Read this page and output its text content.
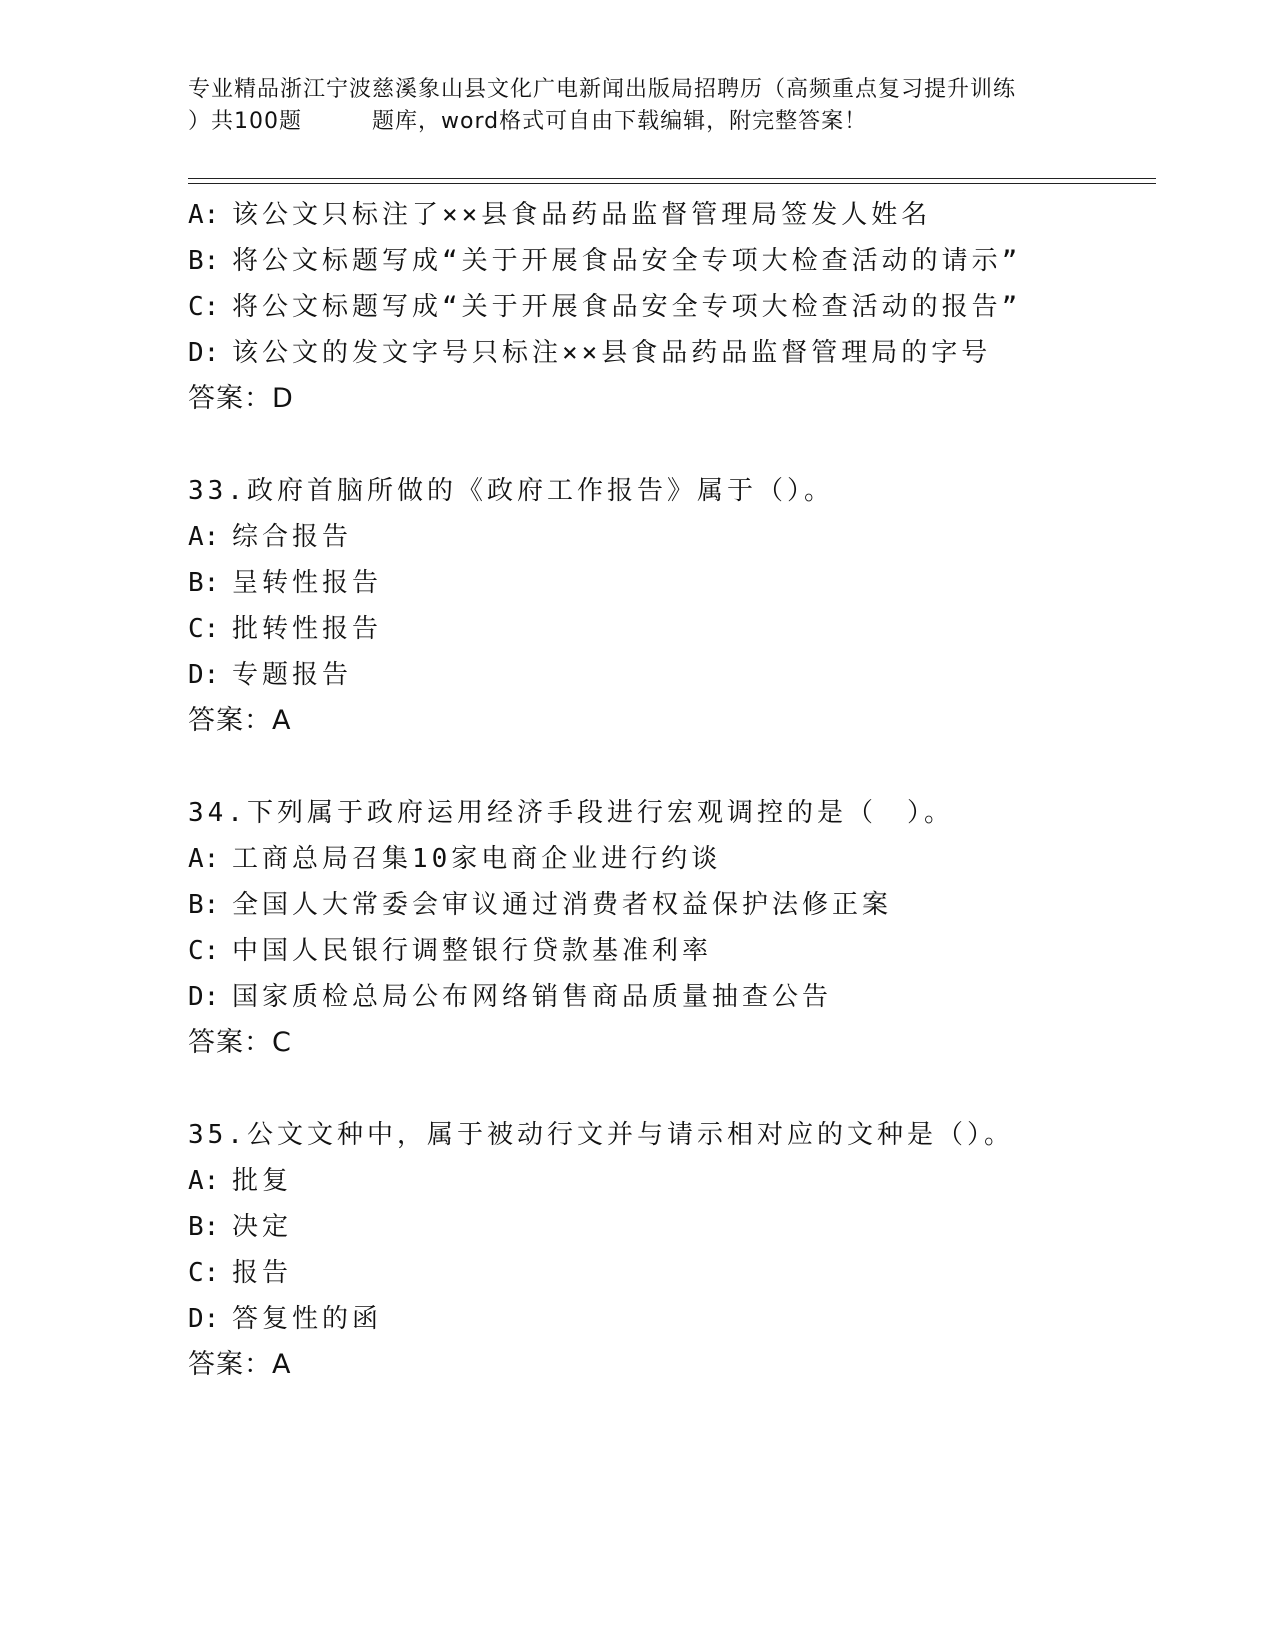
专业精品浙江宁波慈溪象山县文化广电新闻出版局招聘历（高频重点复习提升训练
）共100题	题库，word格式可自由下载编辑，附完整答案！
A: 该公文只标注了××县食品药品监督管理局签发人姓名
B: 将公文标题写成“关于开展食品安全专项大检查活动的请示”
C: 将公文标题写成“关于开展食品安全专项大检查活动的报告”
D: 该公文的发文字号只标注××县食品药品监督管理局的字号
答案：D
33.政府首脑所做的《政府工作报告》属于（）。
A: 综合报告
B: 呈转性报告
C: 批转性报告
D: 专题报告
答案：A
34.下列属于政府运用经济手段进行宏观调控的是（　）。
A: 工商总局召集10家电商企业进行约谈
B: 全国人大常委会审议通过消费者权益保护法修正案
C: 中国人民银行调整银行贷款基准利率
D: 国家质检总局公布网络销售商品质量抽查公告
答案：C
35.公文文种中，属于被动行文并与请示相对应的文种是（）。
A: 批复
B: 决定
C: 报告
D: 答复性的函
答案：A
